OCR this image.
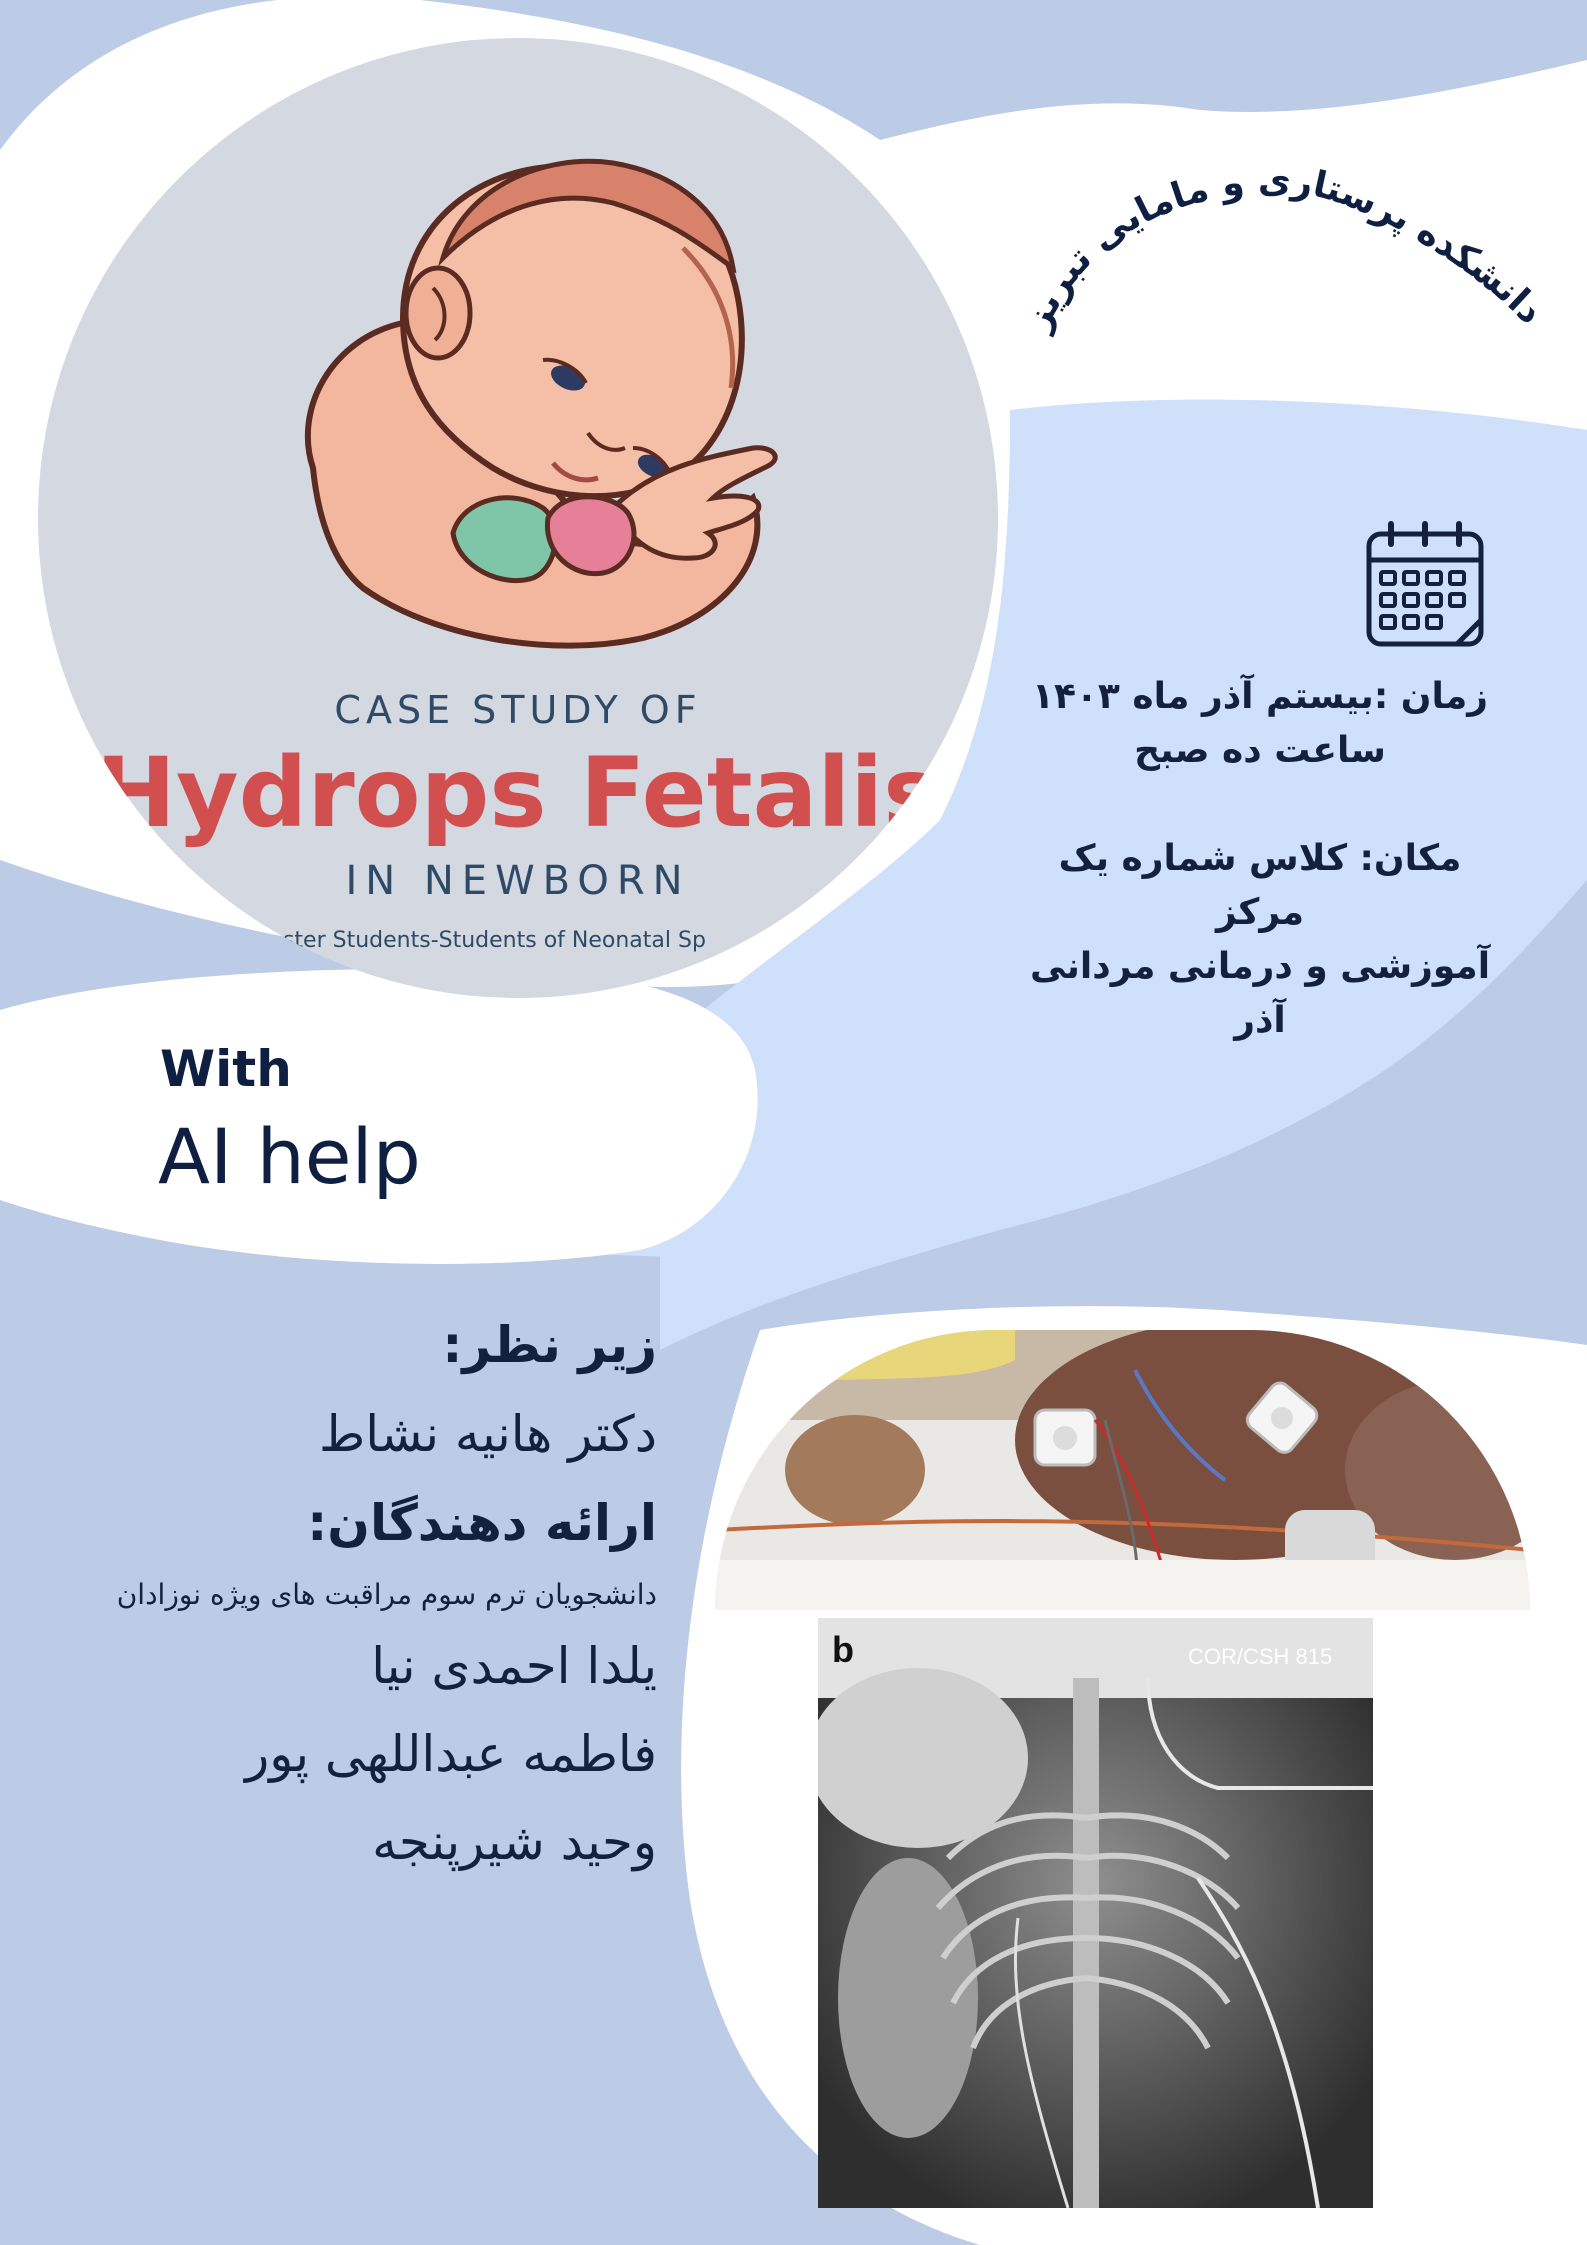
CASE STUDY OF
Hydrops Fetalis
IN NEWBORN
mester Students-Students of Neonatal Sp
دانشکده پرستاری و مامایی تبریز
زمان :بیستم آذر ماه ۱۴۰۳
ساعت ده صبح
مکان: کلاس شماره یک مرکز
آموزشی و درمانی مردانی آذر
With
AI help
زیر نظر:
دکتر هانیه نشاط
ارائه دهندگان:
دانشجویان ترم سوم مراقبت های ویژه نوزادان
یلدا احمدی نیا
فاطمه عبداللهی پور
وحید شیرپنجه
b	COR/CSH 815
